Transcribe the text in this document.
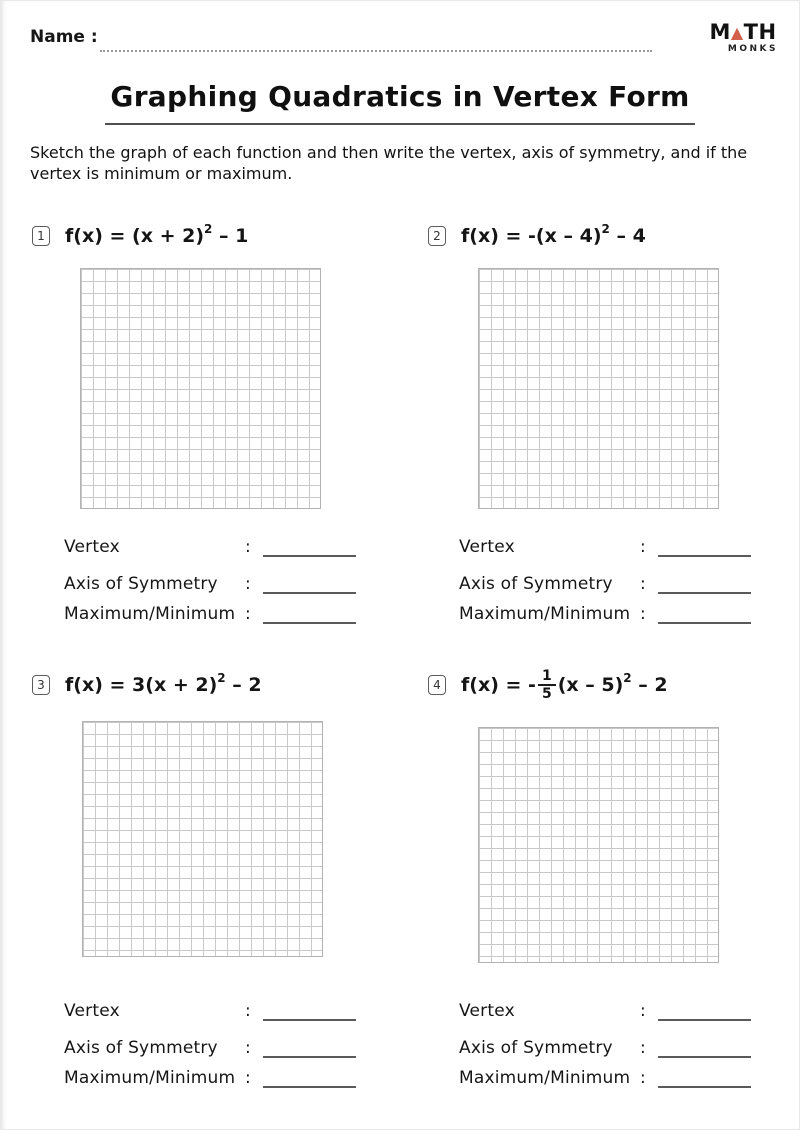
Name :	M▲TH
MONKS
Graphing Quadratics in Vertex Form
Sketch the graph of each function and then write the vertex, axis of symmetry, and if the vertex is minimum or maximum.
1 f(x) = (x + 2) 2 – 1	2 f(x) = -(x – 4) 2 – 4
Vertex	:
Axis of Symmetry	:
Maximum/Minimum :
Vertex	:
Axis of Symmetry	:
Maximum/Minimum :
3 f(x) = 3(x + 2) 2 – 2	4 f(x) = - $\frac{1}{5} (x - 5)$ 2 – 2
Vertex	:
Axis of Symmetry	:
Maximum/Minimum :
Vertex	:
Axis of Symmetry	:
Maximum/Minimum :
